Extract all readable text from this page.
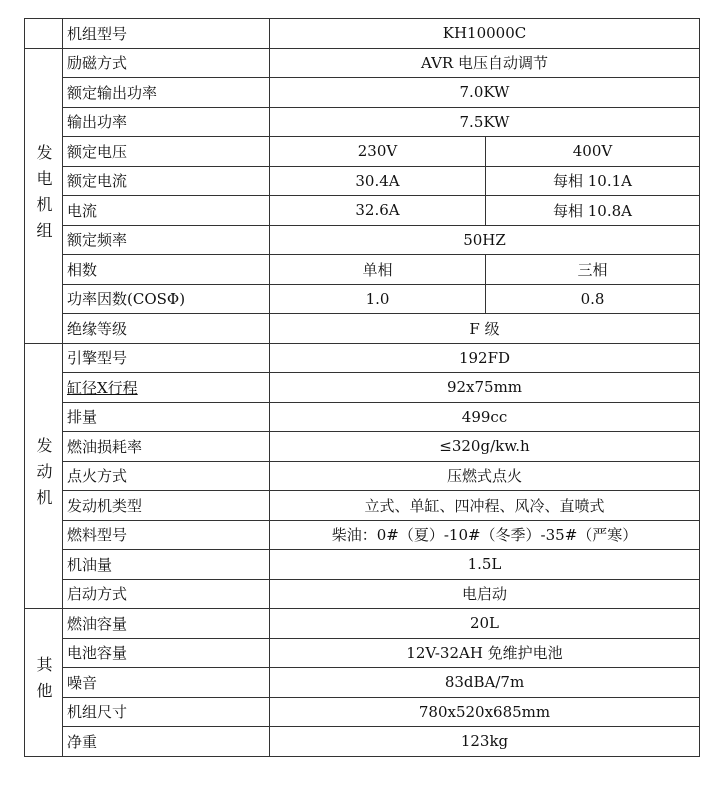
	机组型号	KH10000C	
发电机组	励磁方式	AVR 电压自动调节	
	额定输出功率	7.0KW	
	输出功率	7.5KW	
	额定电压	230V	400V
	额定电流	30.4A	每相 10.1A
	电流	32.6A	每相 10.8A
	额定频率	50HZ	
	相数	单相	三相
	功率因数(COSΦ)	1.0	0.8
	绝缘等级	F 级	
发动机	引擎型号	192FD	
	缸径X行程	92x75mm	
	排量	499cc	
	燃油损耗率	≤320g/kw.h	
	点火方式	压燃式点火	
	发动机类型	立式、单缸、四冲程、风冷、直喷式	
	燃料型号	柴油：0#（夏）-10#（冬季）-35#（严寒）	
	机油量	1.5L	
	启动方式	电启动	
其他	燃油容量	20L	
	电池容量	12V-32AH 免维护电池	
	噪音	83dBA/7m	
	机组尺寸	780x520x685mm	
	净重	123kg	
